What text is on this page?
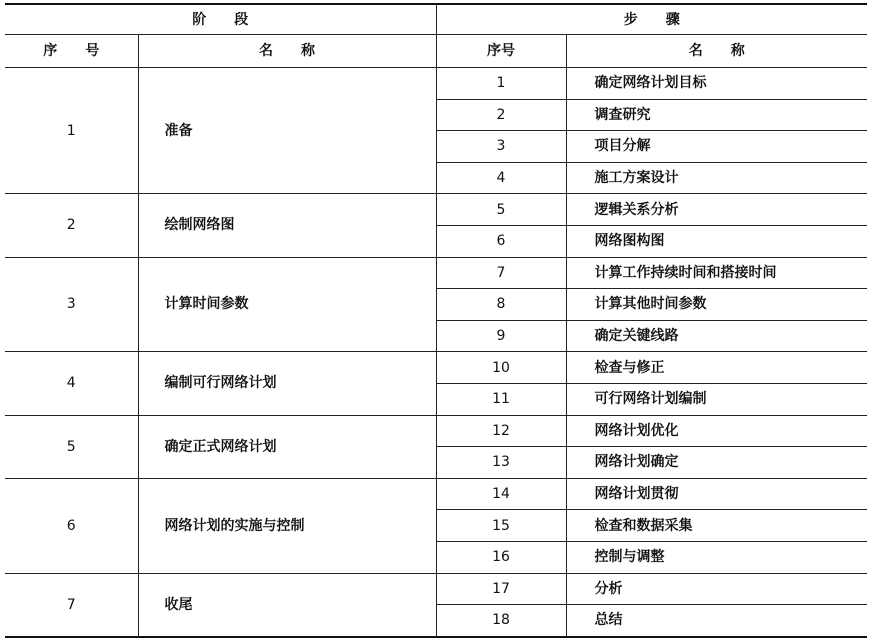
阶　　段		步　　骤	
序　　号	名　　称	序号	名　　称
1	准备	1	确定网络计划目标
		2	调查研究
		3	项目分解
		4	施工方案设计
2	绘制网络图	5	逻辑关系分析
		6	网络图构图
3	计算时间参数	7	计算工作持续时间和搭接时间
		8	计算其他时间参数
		9	确定关键线路
4	编制可行网络计划	10	检查与修正
		11	可行网络计划编制
5	确定正式网络计划	12	网络计划优化
		13	网络计划确定
6	网络计划的实施与控制	14	网络计划贯彻
		15	检查和数据采集
		16	控制与调整
7	收尾	17	分析
		18	总结
